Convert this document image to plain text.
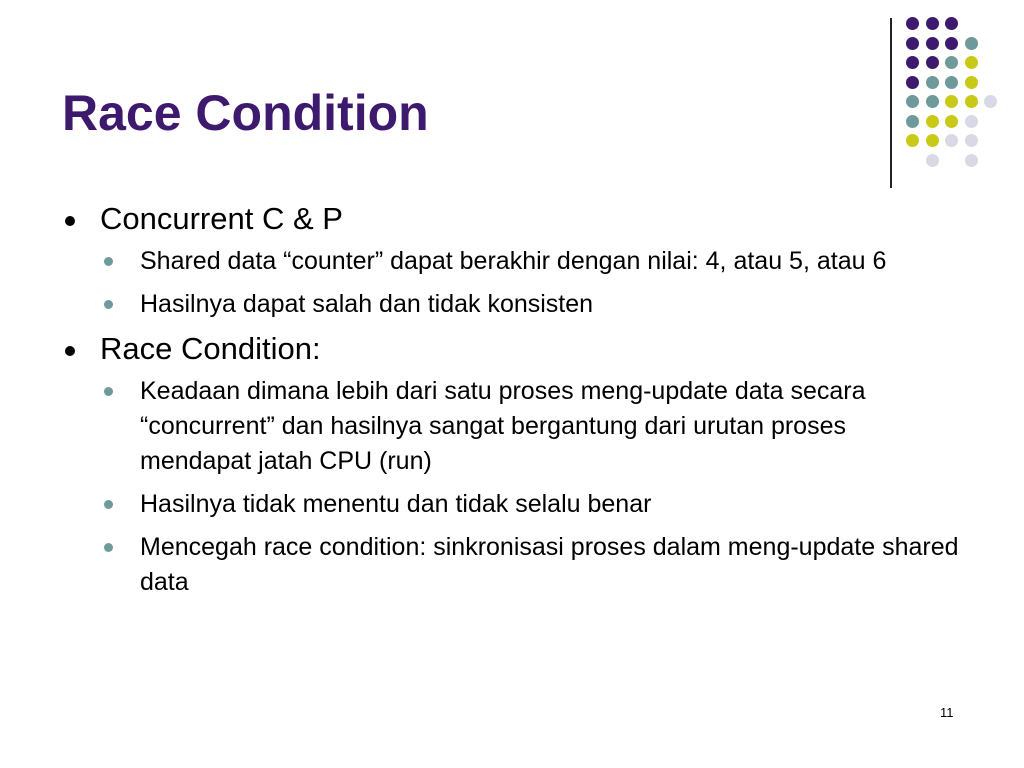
Race Condition
Concurrent C & P
Shared data “counter” dapat berakhir dengan nilai: 4, atau 5, atau 6
Hasilnya dapat salah dan tidak konsisten
Race Condition:
Keadaan dimana lebih dari satu proses meng-update data secara “concurrent” dan hasilnya sangat bergantung dari urutan proses mendapat jatah CPU (run)
Hasilnya tidak menentu dan tidak selalu benar
Mencegah race condition: sinkronisasi proses dalam meng-update shared data
11
